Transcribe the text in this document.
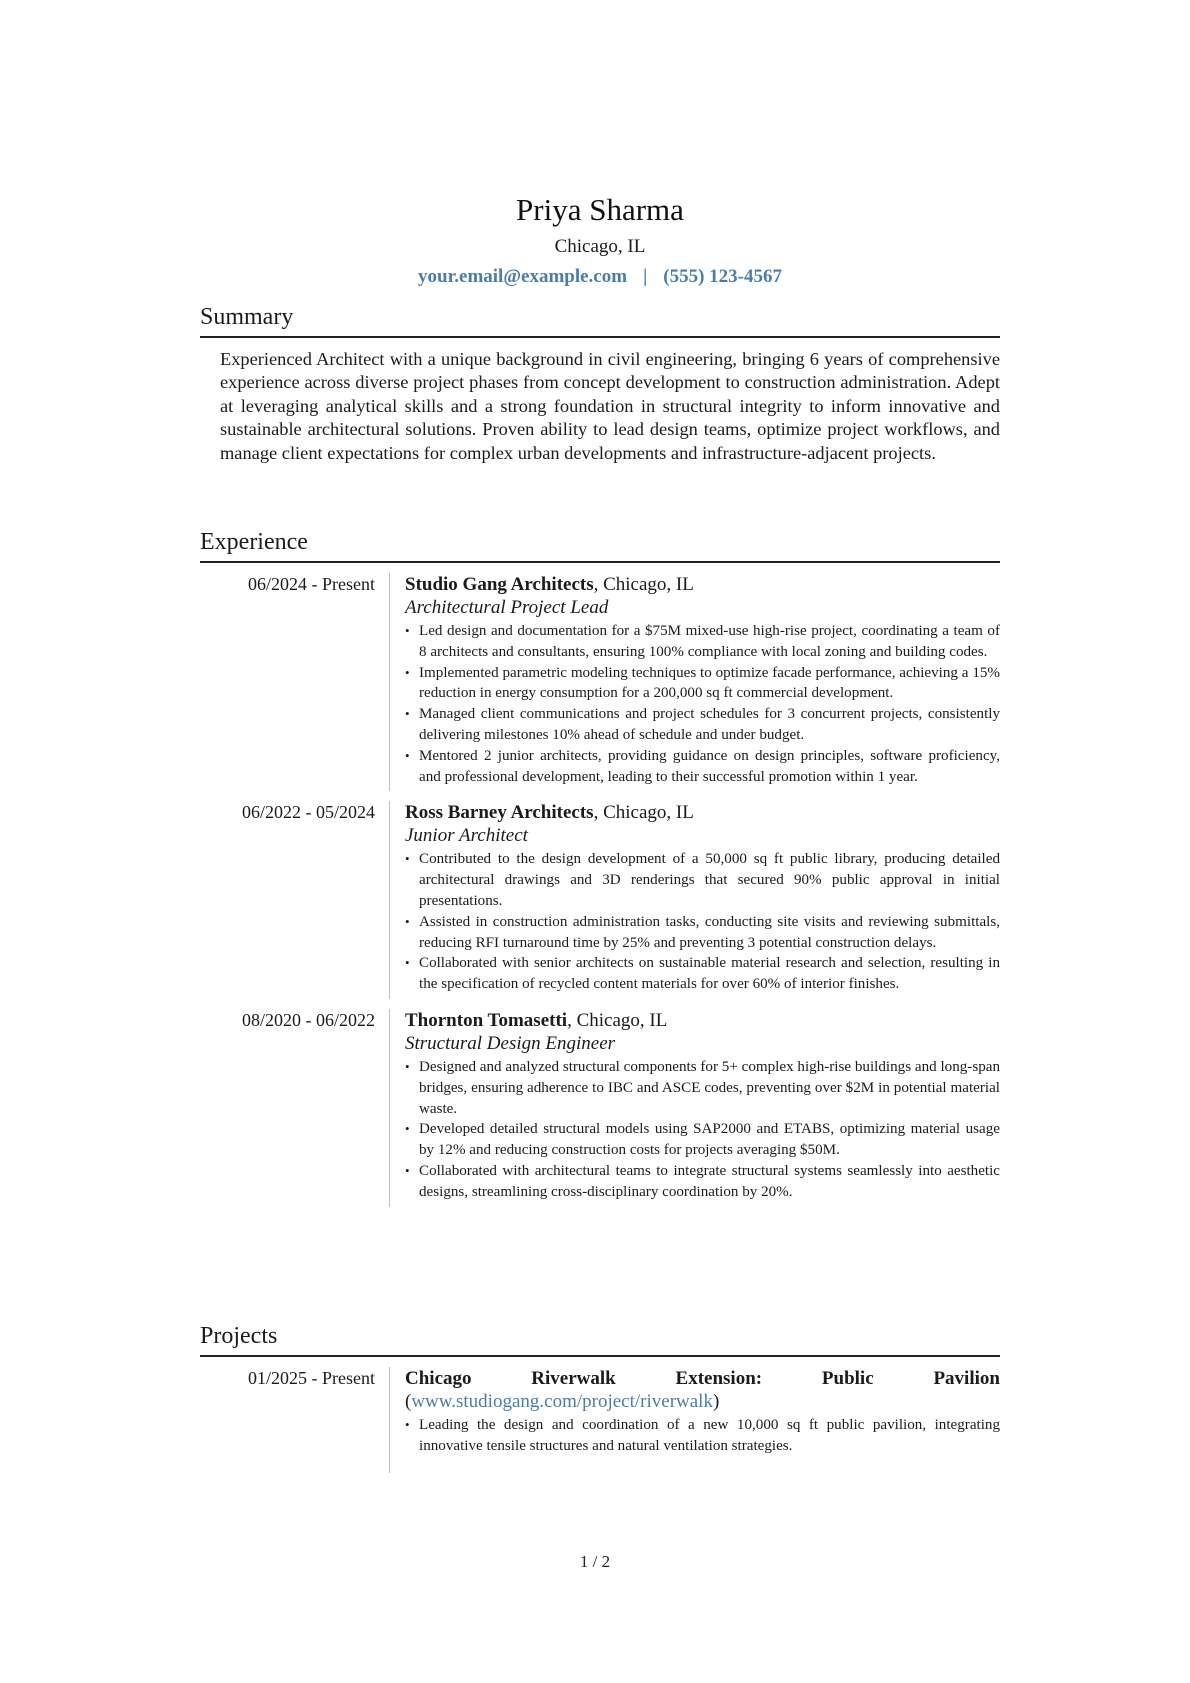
Priya Sharma
Chicago, IL
your.email@example.com | (555) 123-4567
Summary
Experienced Architect with a unique background in civil engineering, bringing 6 years of comprehensive experience across diverse project phases from concept development to construction administration. Adept at leveraging analytical skills and a strong foundation in structural integrity to inform innovative and sustainable architectural solutions. Proven ability to lead design teams, optimize project workflows, and manage client expectations for complex urban developments and infrastructure-adjacent projects.
Experience
06/2024 - Present	Studio Gang Architects, Chicago, IL
Architectural Project Lead
• Led design and documentation for a $75M mixed-use high-rise project, coordinating a team of 8 architects and consultants, ensuring 100% compliance with local zoning and building codes.
• Implemented parametric modeling techniques to optimize facade performance, achieving a 15% reduction in energy consumption for a 200,000 sq ft commercial development.
• Managed client communications and project schedules for 3 concurrent projects, consistently delivering milestones 10% ahead of schedule and under budget.
• Mentored 2 junior architects, providing guidance on design principles, software proficiency, and professional development, leading to their successful promotion within 1 year.
06/2022 - 05/2024	Ross Barney Architects, Chicago, IL
Junior Architect
• Contributed to the design development of a 50,000 sq ft public library, producing detailed architectural drawings and 3D renderings that secured 90% public approval in initial presentations.
• Assisted in construction administration tasks, conducting site visits and reviewing submittals, reducing RFI turnaround time by 25% and preventing 3 potential construction delays.
• Collaborated with senior architects on sustainable material research and selection, resulting in the specification of recycled content materials for over 60% of interior finishes.
08/2020 - 06/2022	Thornton Tomasetti, Chicago, IL
Structural Design Engineer
• Designed and analyzed structural components for 5+ complex high-rise buildings and long-span bridges, ensuring adherence to IBC and ASCE codes, preventing over $2M in potential material waste.
• Developed detailed structural models using SAP2000 and ETABS, optimizing material usage by 12% and reducing construction costs for projects averaging $50M.
• Collaborated with architectural teams to integrate structural systems seamlessly into aesthetic designs, streamlining cross-disciplinary coordination by 20%.
Projects
01/2025 - Present	Chicago	Riverwalk	Extension:	Public	Pavilion
(www.studiogang.com/project/riverwalk)
• Leading the design and coordination of a new 10,000 sq ft public pavilion, integrating innovative tensile structures and natural ventilation strategies.
1 / 2
